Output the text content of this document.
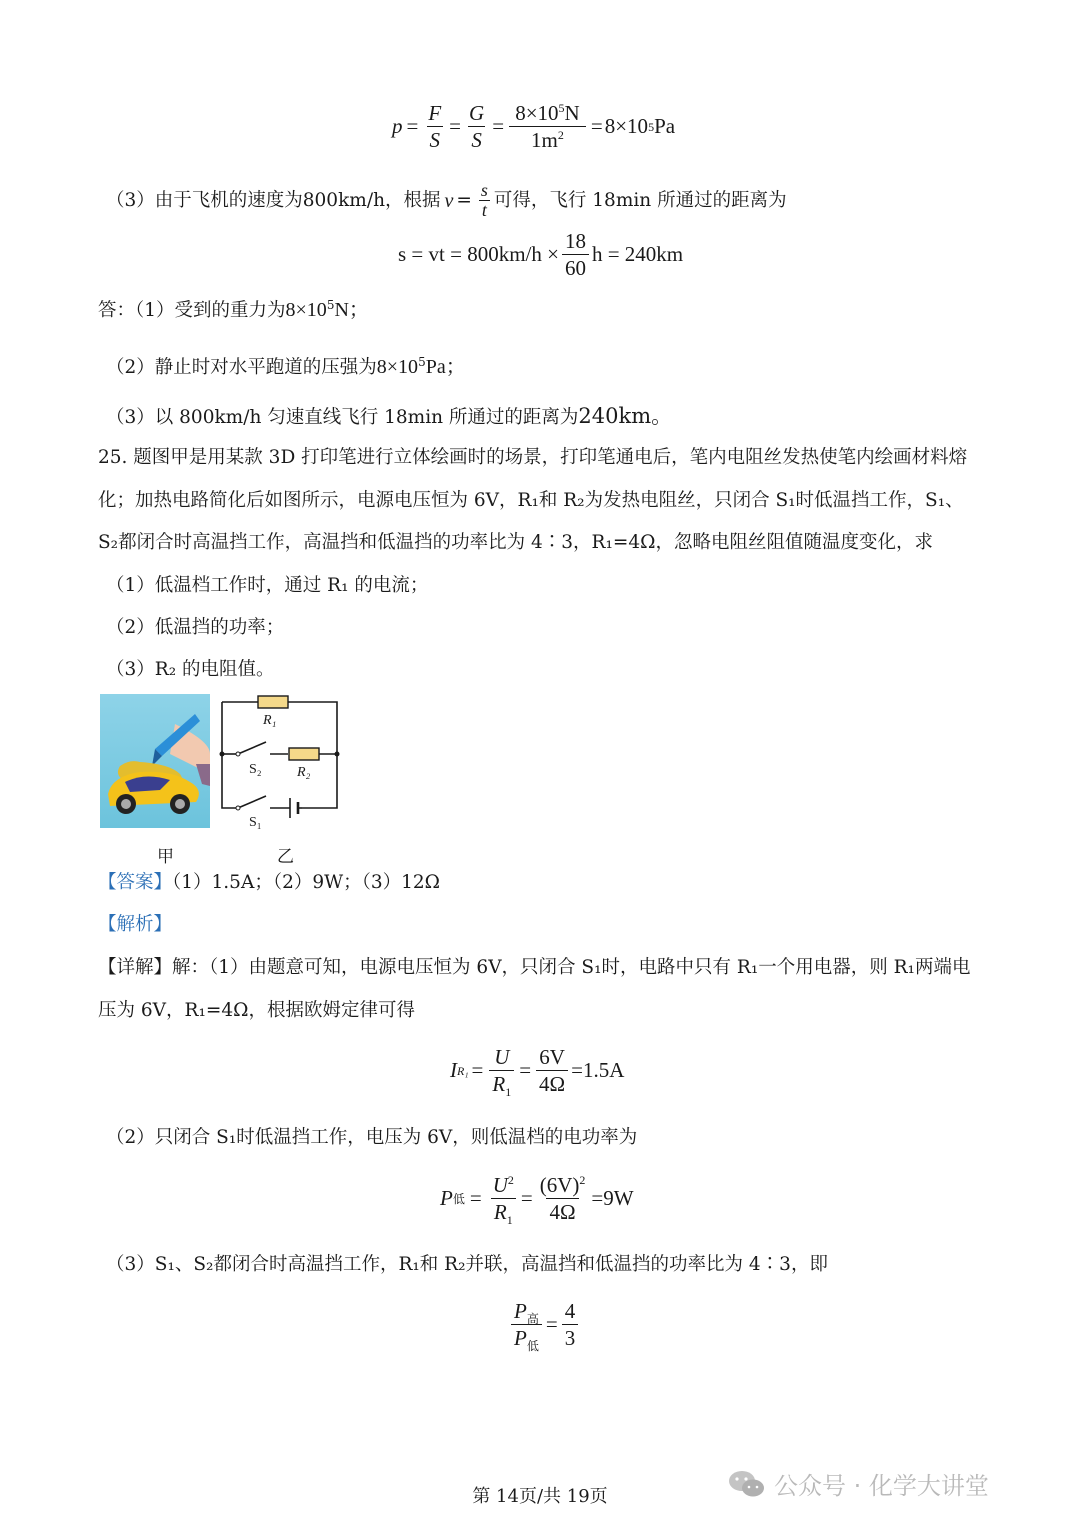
$p = \frac{F}{S} = \frac{G}{S} = \frac{8\times 10^5N}{1m^2} = 8\times 10$ 5 Pa
（3）由于飞机的速度为800km/h，根据 $v = \frac{s}{t}$ 可得，飞行 18min 所通过的距离为
s = vt = $800km/h \times \frac{18}{60}$ h = 240km
答：（1）受到的重力为$8\times 10^5N$；
（2）静止时对水平跑道的压强为$8\times 10^5Pa$；
（3）以 800km/h 匀速直线飞行 18min 所通过的距离为240km。
25. 题图甲是用某款 3D 打印笔进行立体绘画时的场景，打印笔通电后，笔内电阻丝发热使笔内绘画材料熔
化；加热电路简化后如图所示，电源电压恒为 6V，R₁和 R₂为发热电阻丝，只闭合 S₁时低温挡工作，S₁、
S₂都闭合时高温挡工作，高温挡和低温挡的功率比为 4∶3，R₁=4Ω，忽略电阻丝阻值随温度变化，求
（1）低温档工作时，通过 R₁ 的电流；
（2）低温挡的功率；
（3）R₂ 的电阻值。
R₁
R₂
S₂
S₁
甲	乙
【答案】（1）1.5A；（2）9W；（3）12Ω
【解析】
【详解】解：（1）由题意可知，电源电压恒为 6V，只闭合 S₁时，电路中只有 R₁一个用电器，则 R₁两端电
压为 6V，R₁=4Ω，根据欧姆定律可得
I $R_1 = \frac{U}{R_1} = \frac{6V}{4\Omega} =1.5A$
（2）只闭合 S₁时低温挡工作，电压为 6V，则低温档的电功率为
P 低 = $\frac{U^2}{R_1} = \frac{(6V)^2}{4\Omega} =9W$
（3）S₁、S₂都闭合时高温挡工作，R₁和 R₂并联，高温挡和低温挡的功率比为 4∶3，即
$\frac{P_高}{P_低} = \frac{4}{3}$
第 14页/共 19页	公众号 · 化学大讲堂
